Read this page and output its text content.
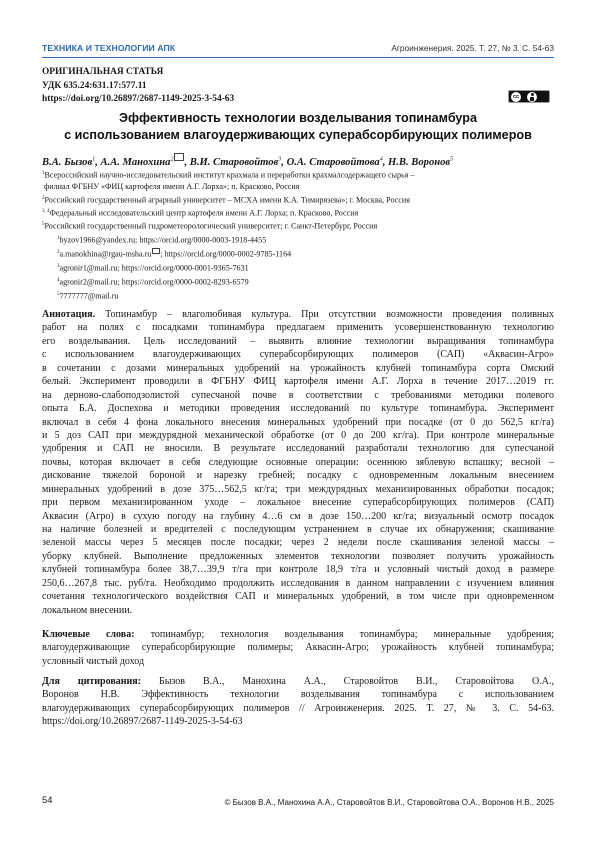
ТЕХНИКА И ТЕХНОЛОГИИ АПК	Агроинженерия. 2025. Т. 27, № 3. С. 54-63
ОРИГИНАЛЬНАЯ СТАТЬЯ
УДК 635.24:631.17:577.11
https://doi.org/10.26897/2687-1149-2025-3-54-63	cc
Эффективность технологии возделывания топинамбура
с использованием влагоудерживающих суперабсорбирующих полимеров
В.А. Бызов$^1$, А.А. Манохина$^2$ , В.И. Старовойтов$^3$, О.А. Старовойтова$^4$, Н.В. Воронов$^5$
$^1$Всероссийский научно-исследовательский институт крахмала и переработки крахмалсодержащего сырья –
филиал ФГБНУ «ФИЦ картофеля имени А.Г. Лорха»; п. Красково, Россия
$^2$Российский государственный аграрный университет – МСХА имени К.А. Тимирязева»; г. Москва, Россия
$^{3, 4}$Федеральный исследовательский центр картофеля имени А.Г. Лорха; п. Красково, Россия
$^5$Российский государственный гидрометеорологический университет; г. Санкт-Петербург, Россия
$^1$byzov1966@yandex.ru; https://orcid.org/0000-0003-1918-4455
$^2$a.manokhina@rgau-msha.ru ; https://orcid.org/0000-0002-9785-1164
$^3$agronir1@mail.ru; https://orcid.org/0000-0001-9365-7631
$^4$agronir2@mail.ru; https://orcid.org/0000-0002-8293-6579
$^5$7777777@mail.ru
Аннотация. Топинамбур – влаголюбивая культура. При отсутствии возможности проведения поливных
работ на полях с посадками топинамбура предлагаем применить усовершенствованную технологию
его возделывания. Цель исследований – выявить влияние технологии выращивания топинамбура
с использованием влагоудерживающих суперабсорбирующих полимеров (САП) «Аквасин-Агро»
в сочетании с дозами минеральных удобрений на урожайность клубней топинамбура сорта Омский
белый. Эксперимент проводили в ФГБНУ ФИЦ картофеля имени А.Г. Лорха в течение 2017…2019 гг.
на дерново-слабоподзолистой супесчаной почве в соответствии с требованиями методики полевого
опыта Б.А. Доспехова и методики проведения исследований по культуре топинамбура. Эксперимент
включал в себя 4 фона локального внесения минеральных удобрений при посадке (от 0 до 562,5 кг/га)
и 5 доз САП при междурядной механической обработке (от 0 до 200 кг/га). При контроле минеральные
удобрения и САП не вносили. В результате исследований разработали технологию для супесчаной
почвы, которая включает в себя следующие основные операции: осеннюю зяблевую вспашку; весной –
дискование тяжелой бороной и нарезку гребней; посадку с одновременным локальным внесением
минеральных удобрений в дозе 375…562,5 кг/га; три междурядных механизированных обработки посадок;
при первом механизированном уходе – локальное внесение суперабсорбирующих полимеров (САП)
Аквасин (Агро) в сухую погоду на глубину 4…6 см в дозе 150…200 кг/га; визуальный осмотр посадок
на наличие болезней и вредителей с последующим устранением в случае их обнаружения; скашивание
зеленой массы через 5 месяцев после посадки; через 2 недели после скашивания зеленой массы –
уборку клубней. Выполнение предложенных элементов технологии позволяет получить урожайность
клубней топинамбура более 38,7…39,9 т/га при контроле 18,9 т/га и условный чистый доход в размере
250,6…267,8 тыс. руб/га. Необходимо продолжить исследования в данном направлении с изучением влияния
сочетания технологического воздействия САП и минеральных удобрений, в том числе при одновременном
локальном внесении.
Ключевые слова: топинамбур; технология возделывания топинамбура; минеральные удобрения;
влагоудерживающие суперабсорбирующие полимеры; Аквасин-Агро; урожайность клубней топинамбура;
условный чистый доход
Для цитирования: Бызов В.А., Манохина А.А., Старовойтов В.И., Старовойтова О.А.,
Воронов Н.В. Эффективность технологии возделывания топинамбура с использованием
влагоудерживающих суперабсорбирующих полимеров // Агроинженерия. 2025. Т. 27, № 3. С. 54-63.
https://doi.org/10.26897/2687-1149-2025-3-54-63
54	© Бызов В.А., Манохина А.А., Старовойтов В.И., Старовойтова О.А., Воронов Н.В., 2025
